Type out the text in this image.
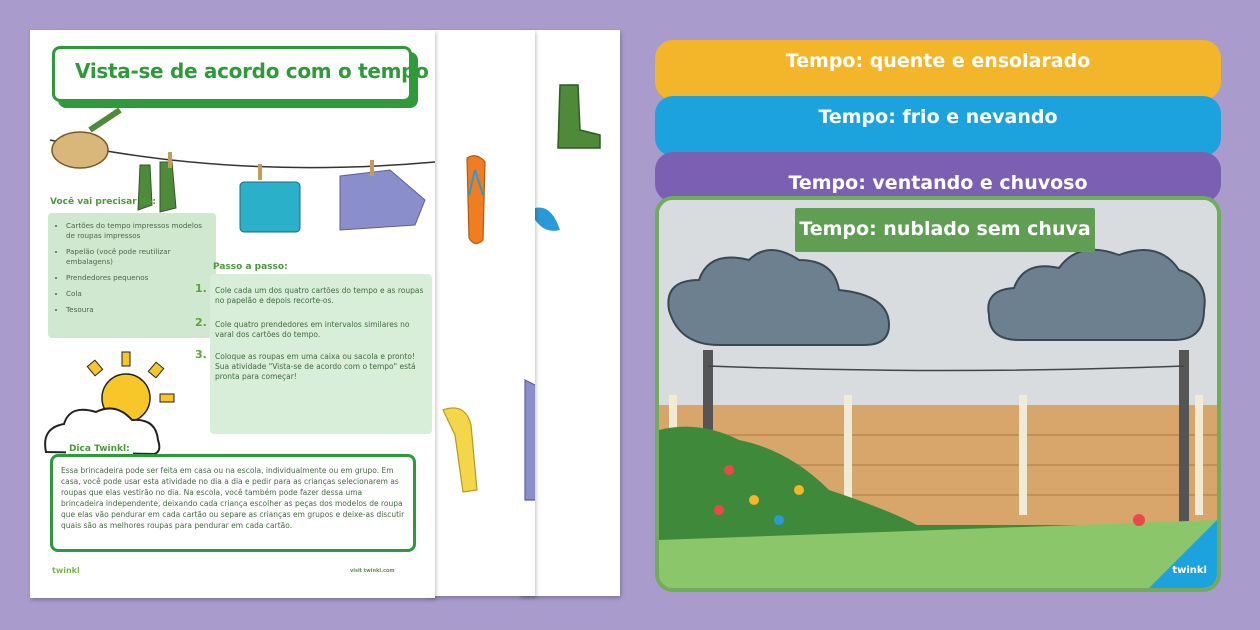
Vista-se de acordo com o tempo
Você vai precisar de:
• Cartões do tempo impressos modelos de roupas impressos
• Papelão (você pode reutilizar embalagens)
• Prendedores pequenos
• Cola
• Tesoura
Passo a passo:
1. Cole cada um dos quatro cartões do tempo e as roupas no papelão e depois recorte-os.
2. Cole quatro prendedores em intervalos similares no varal dos cartões do tempo.
3. Coloque as roupas em uma caixa ou sacola e pronto! Sua atividade "Vista-se de acordo com o tempo" está pronta para começar!

Essa brincadeira pode ser feita em casa ou na escola, individualmente ou em grupo. Em casa, você pode usar esta atividade no dia a dia e pedir para as crianças selecionarem as roupas que elas vestirão no dia. Na escola, você também pode fazer dessa uma brincadeira independente, deixando cada criança escolher as peças dos modelos de roupa que elas vão pendurar em cada cartão ou separe as crianças em grupos e deixe-as discutir quais são as melhores roupas para pendurar em cada cartão.

Dica Twinkl:
twinkl	visit twinkl.com
Tempo: quente e ensolarado
Tempo: frio e nevando
Tempo: ventando e chuvoso
Tempo: nublado sem chuva
twinkl
